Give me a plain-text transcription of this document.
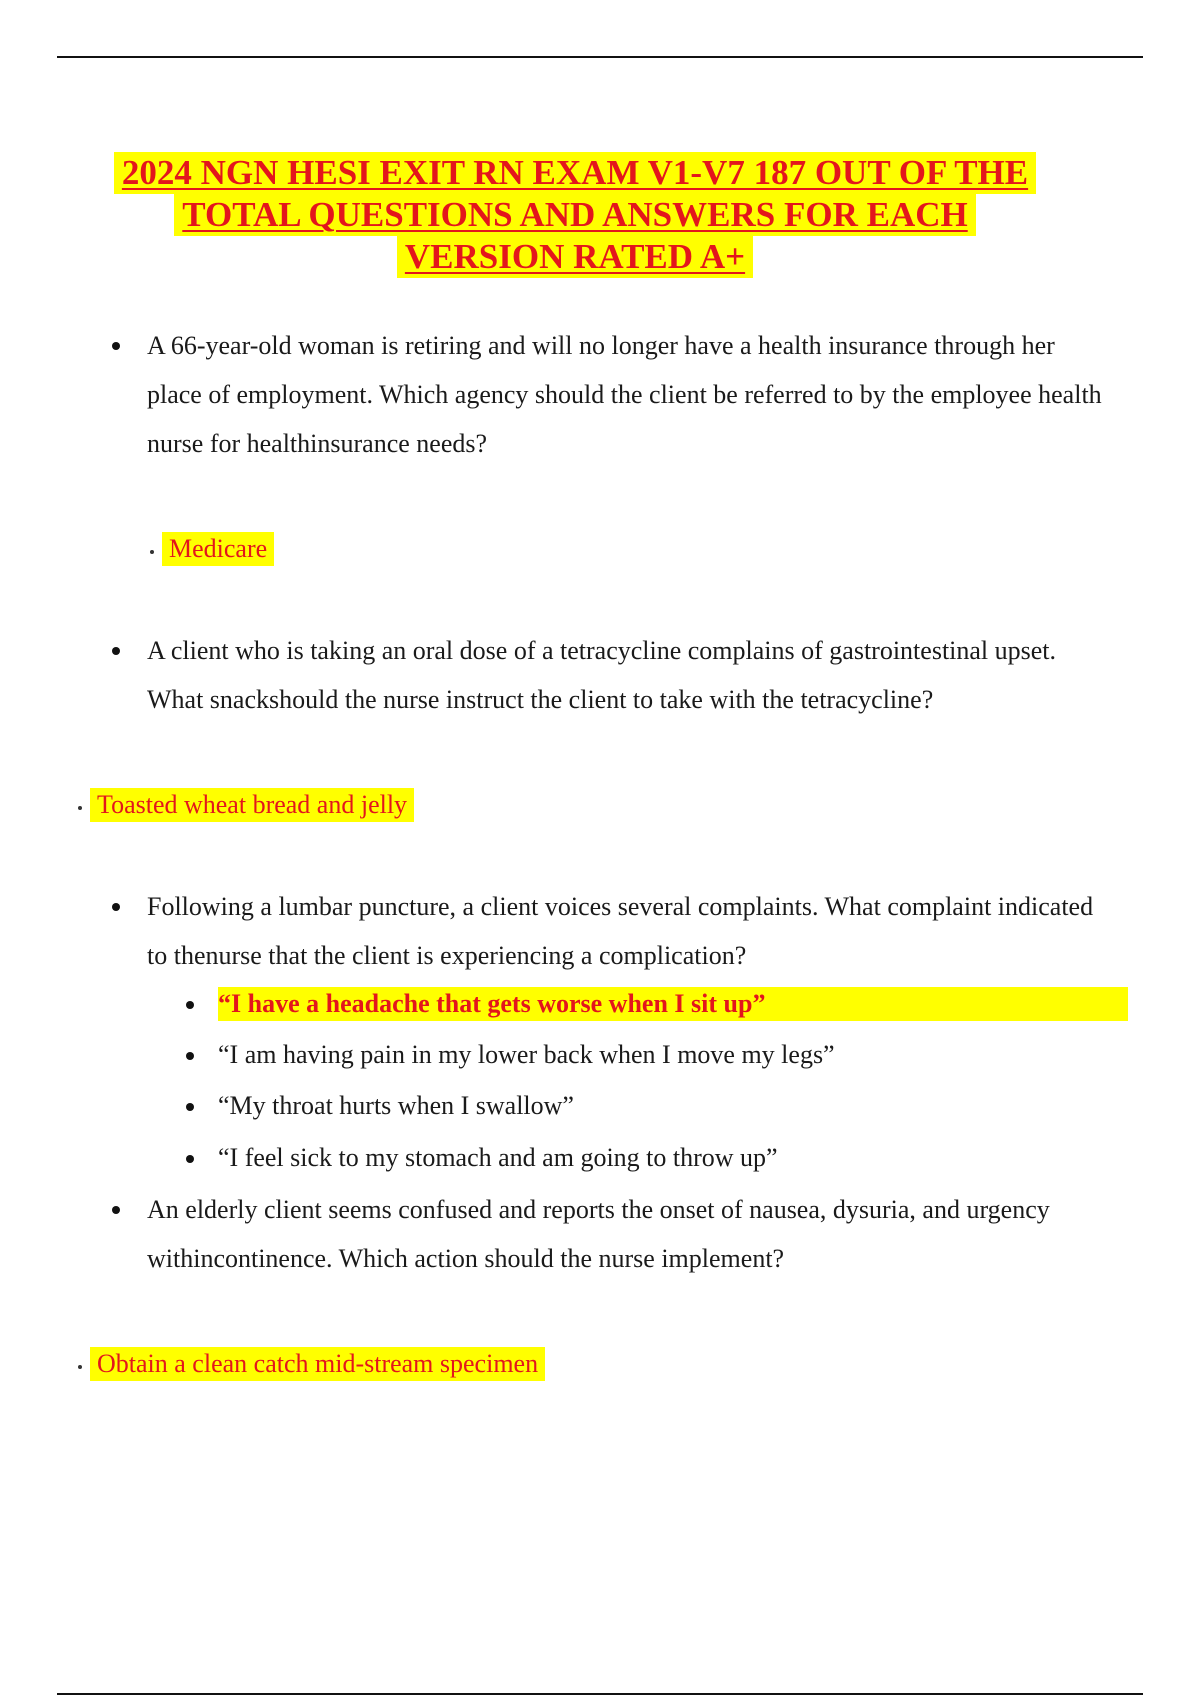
2024 NGN HESI EXIT RN EXAM V1-V7 187 OUT OF THE
TOTAL QUESTIONS AND ANSWERS FOR EACH
VERSION RATED A+

A 66-year-old woman is retiring and will no longer have a health insurance through her place of employment. Which agency should the client be referred to by the employee health nurse for healthinsurance needs?

Medicare

A client who is taking an oral dose of a tetracycline complains of gastrointestinal upset. What snackshould the nurse instruct the client to take with the tetracycline?

Toasted wheat bread and jelly

Following a lumbar puncture, a client voices several complaints. What complaint indicated to thenurse that the client is experiencing a complication?

“I have a headache that gets worse when I sit up”
“I am having pain in my lower back when I move my legs”
“My throat hurts when I swallow”
“I feel sick to my stomach and am going to throw up”

An elderly client seems confused and reports the onset of nausea, dysuria, and urgency withincontinence. Which action should the nurse implement?

Obtain a clean catch mid-stream specimen
